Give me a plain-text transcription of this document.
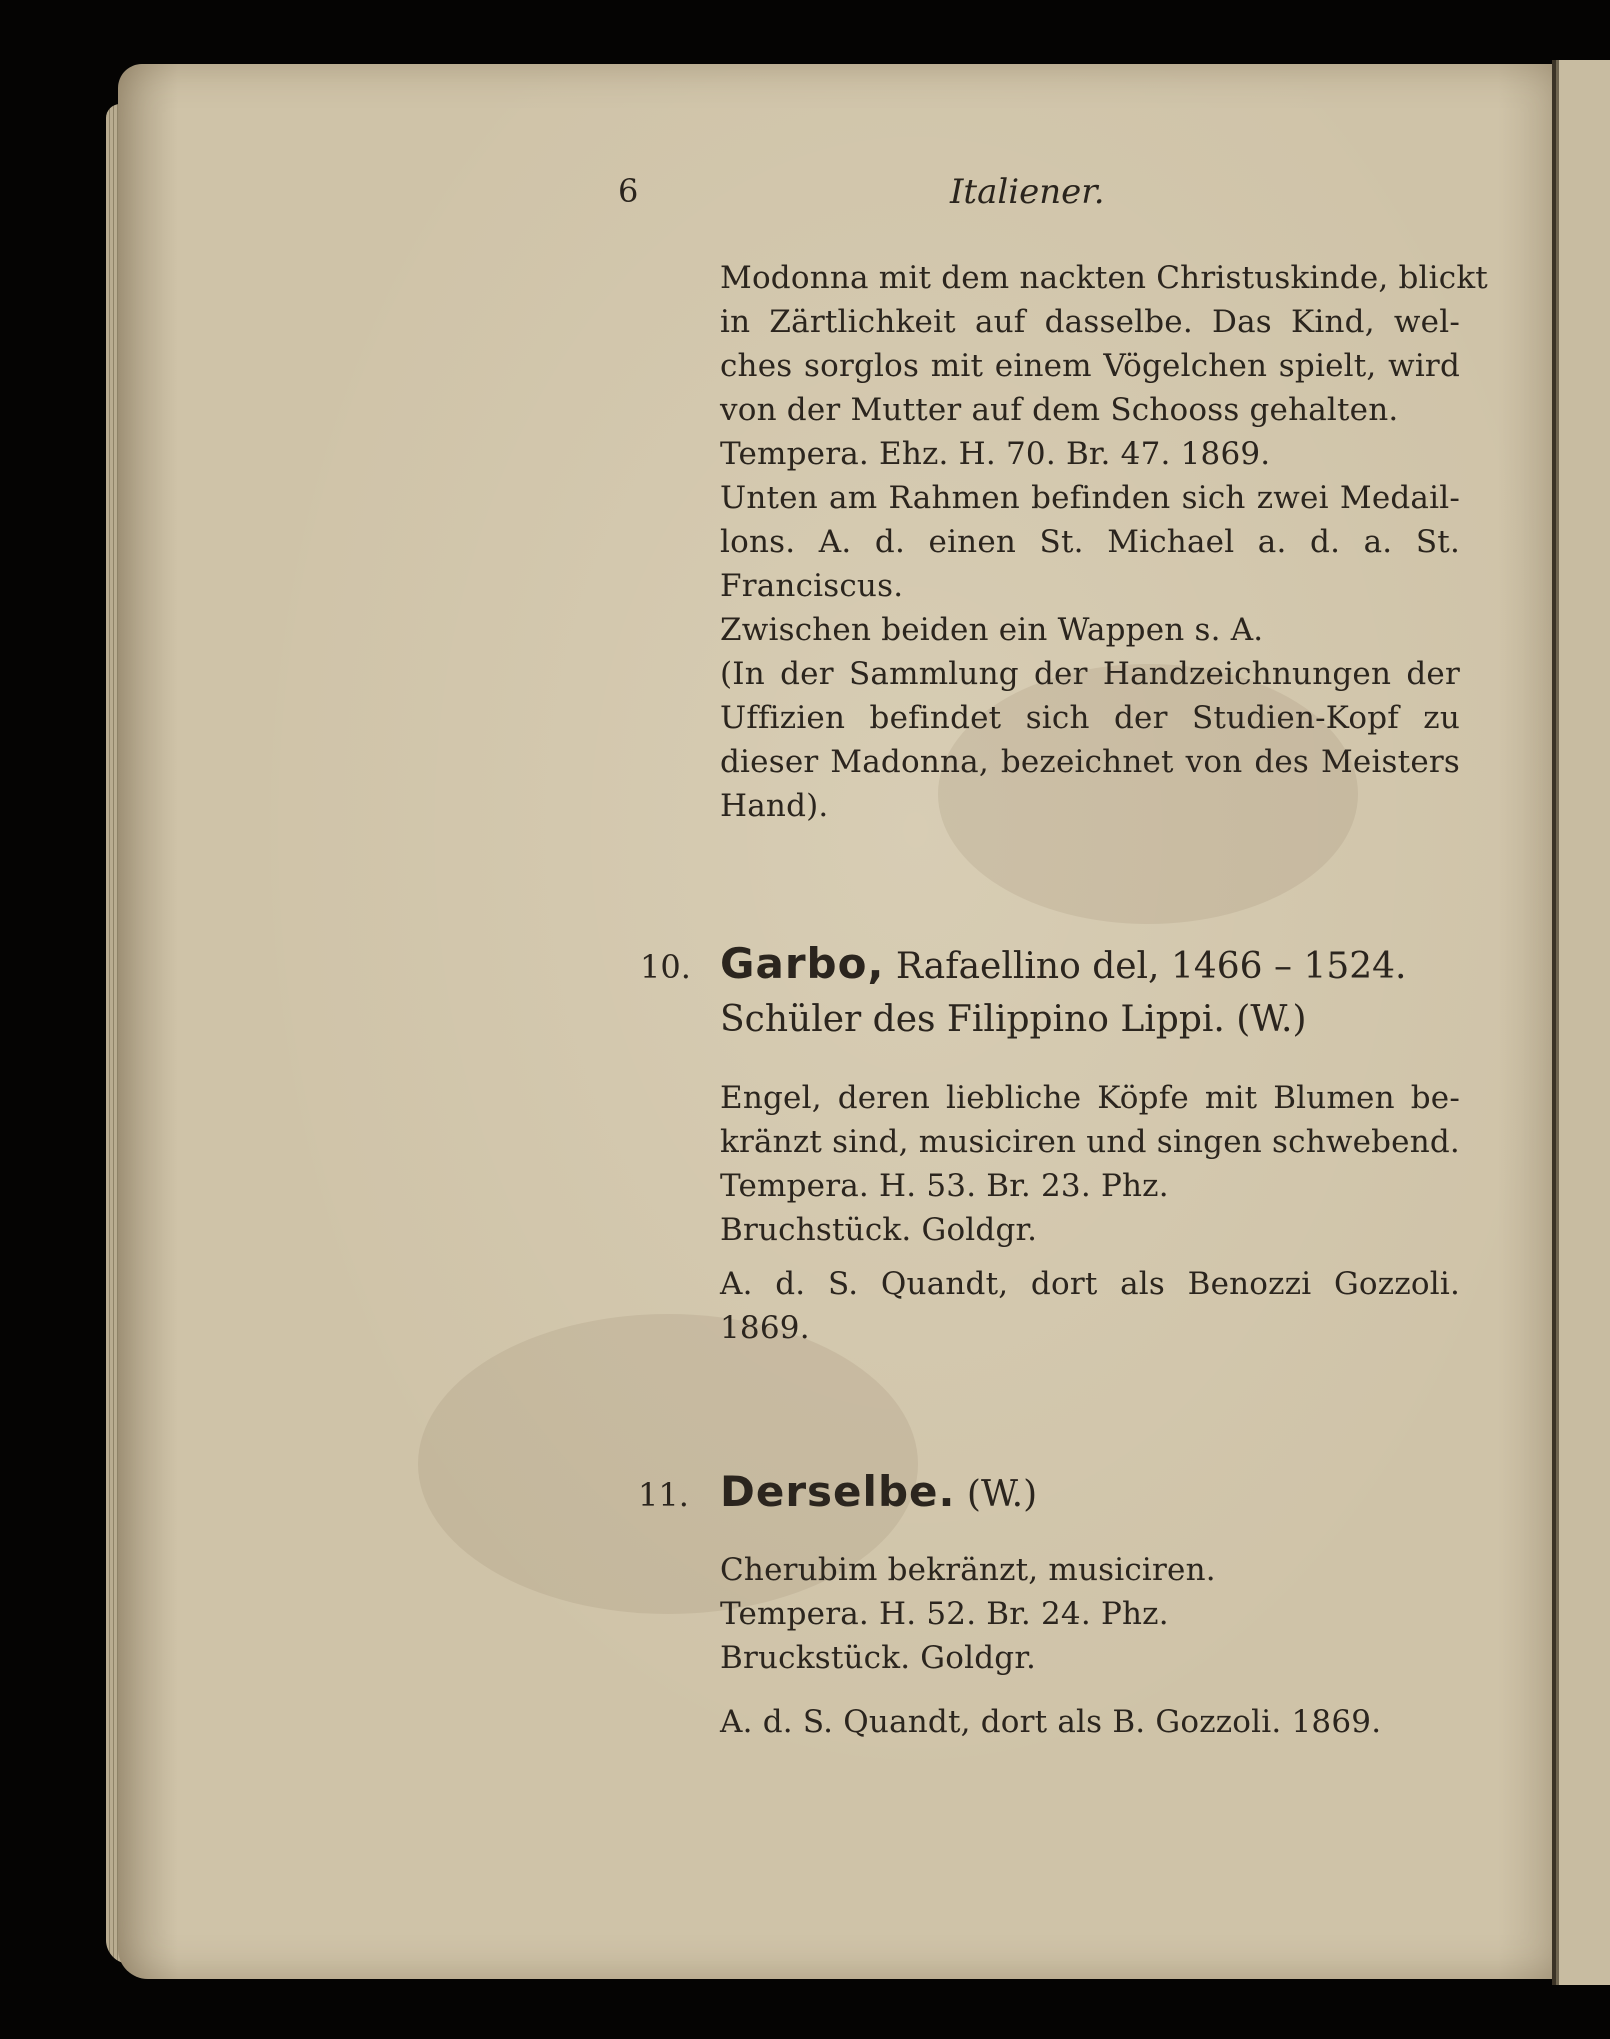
6	Italiener.

Modonna mit dem nackten Christuskinde, blickt

in Zärtlichkeit auf dasselbe. Das Kind, wel-

ches sorglos mit einem Vögelchen spielt, wird

von der Mutter auf dem Schooss gehalten.

Tempera. Ehz. H. 70. Br. 47. 1869.

Unten am Rahmen befinden sich zwei Medail-

lons. A. d. einen St. Michael a. d. a. St.

Franciscus.

Zwischen beiden ein Wappen s. A.

(In der Sammlung der Handzeichnungen der

Uffizien befindet sich der Studien-Kopf zu

dieser Madonna, bezeichnet von des Meisters

Hand).

10. Garbo, Rafaellino del, 1466 – 1524.
Schüler des Filippino Lippi. (W.)

Engel, deren liebliche Köpfe mit Blumen be-

kränzt sind, musiciren und singen schwebend.

Tempera. H. 53. Br. 23. Phz.

Bruchstück. Goldgr.

A. d. S. Quandt, dort als Benozzi Gozzoli.

1869.

11. Derselbe. (W.)

Cherubim bekränzt, musiciren.

Tempera. H. 52. Br. 24. Phz.

Bruckstück. Goldgr.

A. d. S. Quandt, dort als B. Gozzoli. 1869.
